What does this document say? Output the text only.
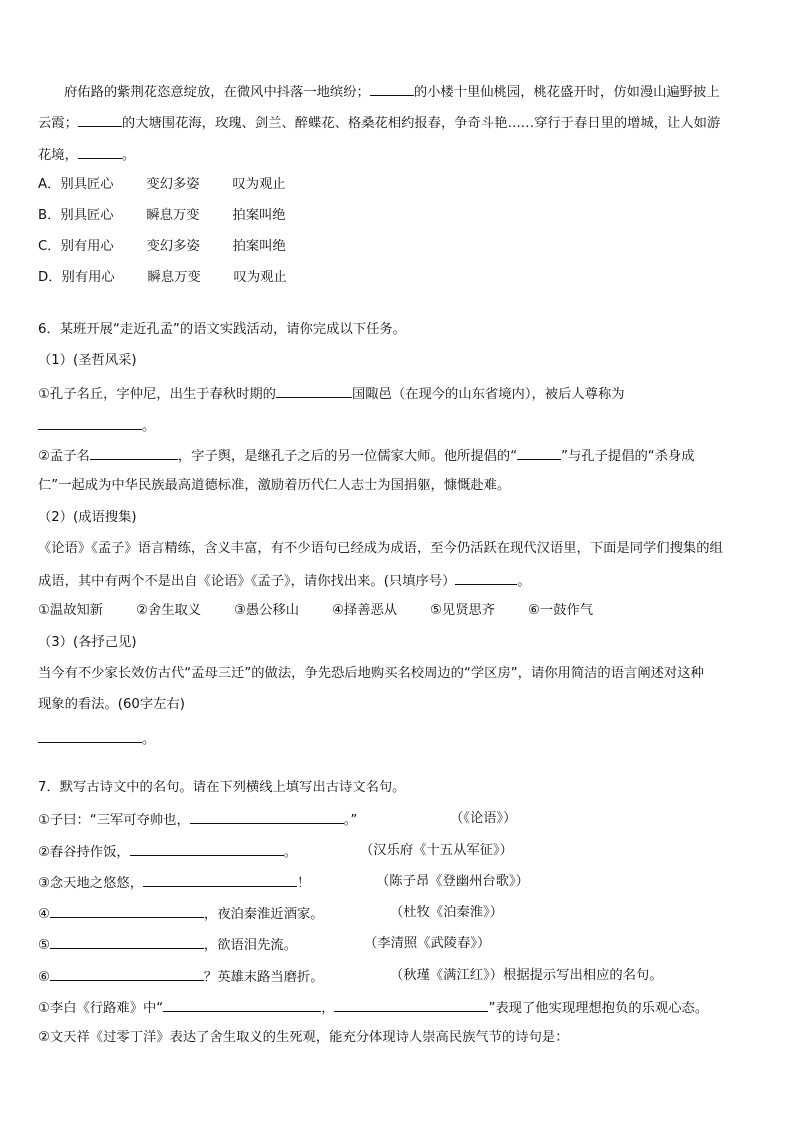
府佑路的紫荆花恣意绽放，在微风中抖落一地缤纷；	的小楼十里仙桃园，桃花盛开时，仿如漫山遍野披上
云霞；	的大塘围花海，玫瑰、剑兰、醉蝶花、格桑花相约报春，争奇斗艳……穿行于春日里的增城，让人如游
花境，	。
A．别具匠心 变幻多姿 叹为观止
B．别具匠心 瞬息万变 拍案叫绝
C．别有用心 变幻多姿 拍案叫绝
D．别有用心 瞬息万变 叹为观止
6．某班开展“走近孔孟”的语文实践活动，请你完成以下任务。
（1）(圣哲风采)
①孔子名丘，字仲尼，出生于春秋时期的	国陬邑（在现今的山东省境内），被后人尊称为
。
②孟子名	，字子舆，是继孔子之后的另一位儒家大师。他所提倡的“	”与孔子提倡的“杀身成
仁”一起成为中华民族最高道德标准，激励着历代仁人志士为国捐躯，慷慨赴难。
（2）(成语搜集)
《论语》《孟子》语言精练，含义丰富，有不少语句已经成为成语，至今仍活跃在现代汉语里，下面是同学们搜集的组
成语，其中有两个不是出自《论语》《孟子》，请你找出来。(只填序号）	。
①温故知新 ②舍生取义 ③愚公移山 ④择善恶从 ⑤见贤思齐 ⑥一鼓作气
（3）(各抒己见)
当今有不少家长效仿古代“孟母三迁”的做法，争先恐后地购买名校周边的“学区房”，请你用简洁的语言阐述对这种
现象的看法。(60字左右)
。
7．默写古诗文中的名句。请在下列横线上填写出古诗文名句。
①子曰：“三军可夺帅也，	。”	（《论语》）
②舂谷持作饭，	。	（汉乐府《十五从军征》）
③念天地之悠悠，	！	（陈子昂《登幽州台歌》）
④	，夜泊秦淮近酒家。	（杜牧《泊秦淮》）
⑤	，欲语泪先流。	（李清照《武陵春》）
⑥	？英雄末路当磨折。	（秋瑾《满江红》）根据提示写出相应的名句。
①李白《行路难》中“	，	”表现了他实现理想抱负的乐观心态。
②文天祥《过零丁洋》表达了舍生取义的生死观，能充分体现诗人崇高民族气节的诗句是：
